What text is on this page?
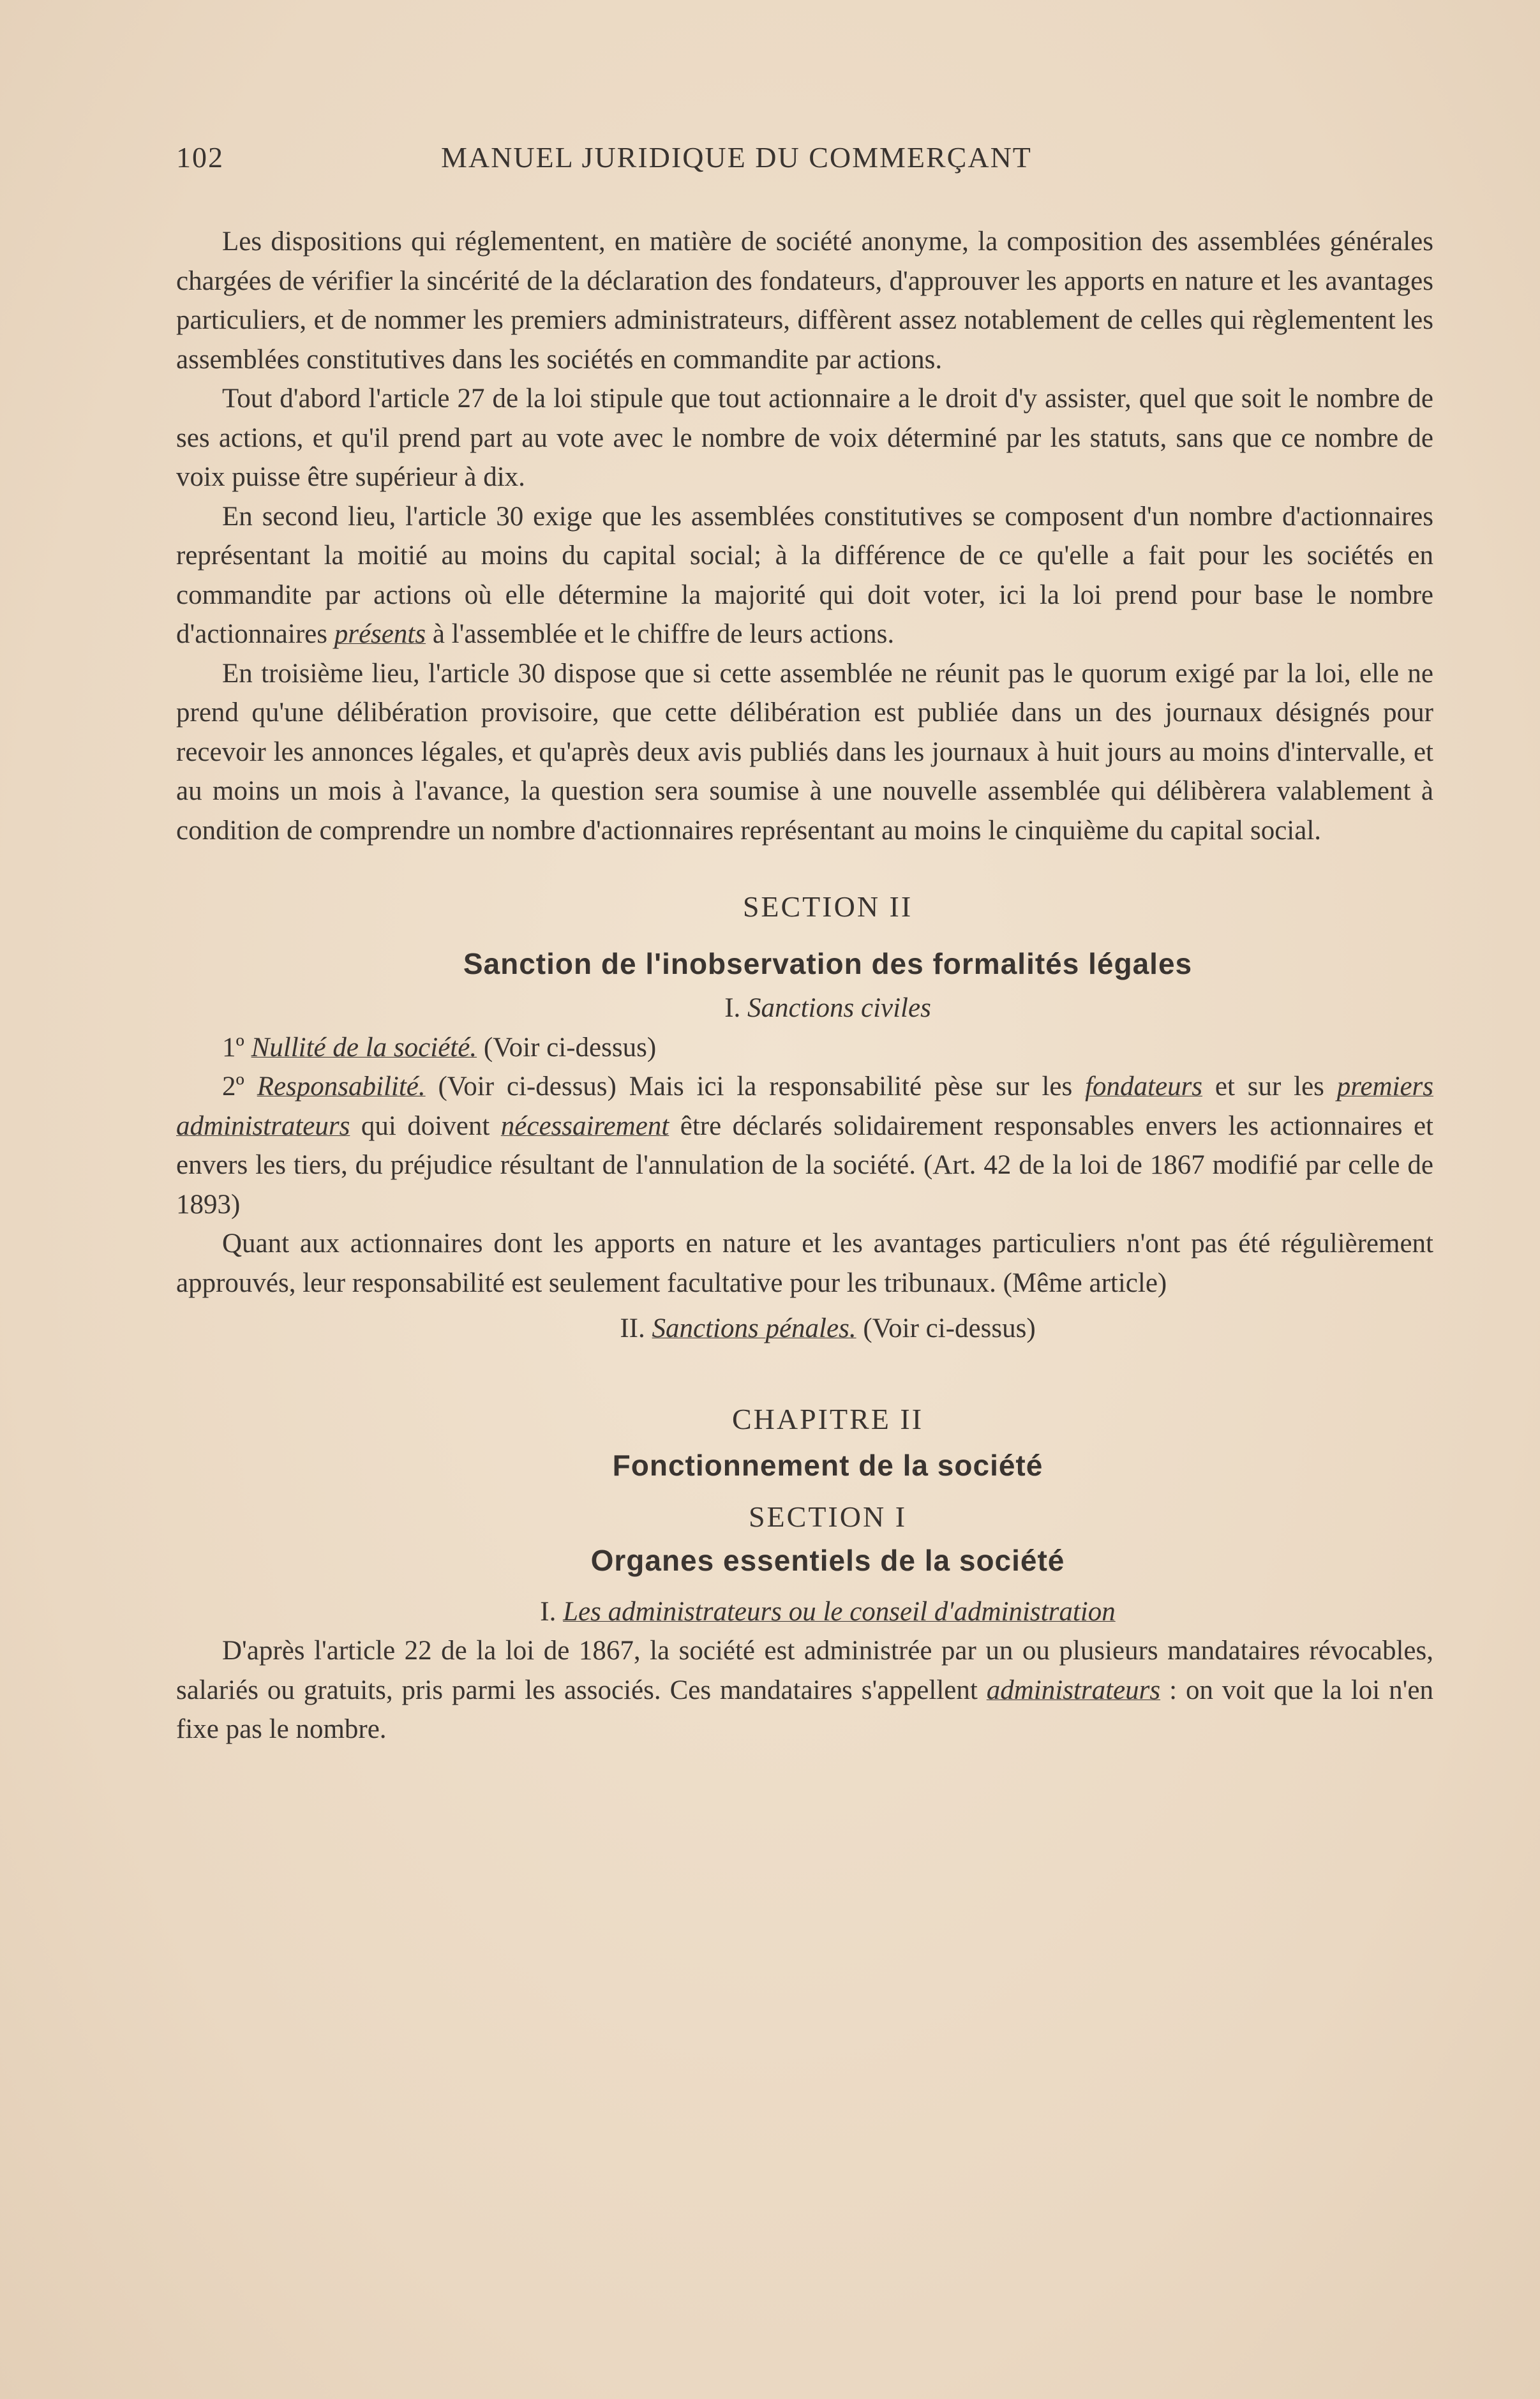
102	MANUEL JURIDIQUE DU COMMERÇANT

Les dispositions qui réglementent, en matière de société anonyme, la composition des assemblées générales chargées de vérifier la sincérité de la déclaration des fondateurs, d'approuver les apports en nature et les avantages particuliers, et de nommer les premiers administrateurs, diffèrent assez notablement de celles qui règlementent les assemblées constitutives dans les sociétés en commandite par actions.

Tout d'abord l'article 27 de la loi stipule que tout actionnaire a le droit d'y assister, quel que soit le nombre de ses actions, et qu'il prend part au vote avec le nombre de voix déterminé par les statuts, sans que ce nombre de voix puisse être supérieur à dix.

En second lieu, l'article 30 exige que les assemblées constitutives se composent d'un nombre d'actionnaires représentant la moitié au moins du capital social; à la différence de ce qu'elle a fait pour les sociétés en commandite par actions où elle détermine la majorité qui doit voter, ici la loi prend pour base le nombre d'actionnaires présents à l'assemblée et le chiffre de leurs actions.

En troisième lieu, l'article 30 dispose que si cette assemblée ne réunit pas le quorum exigé par la loi, elle ne prend qu'une délibération provisoire, que cette délibération est publiée dans un des journaux désignés pour recevoir les annonces légales, et qu'après deux avis publiés dans les journaux à huit jours au moins d'intervalle, et au moins un mois à l'avance, la question sera soumise à une nouvelle assemblée qui délibèrera valablement à condition de comprendre un nombre d'actionnaires représentant au moins le cinquième du capital social.

SECTION II

Sanction de l'inobservation des formalités légales

I. Sanctions civiles

1º Nullité de la société. (Voir ci-dessus)

2º Responsabilité. (Voir ci-dessus) Mais ici la responsabilité pèse sur les fondateurs et sur les premiers administrateurs qui doivent nécessairement être déclarés solidairement responsables envers les actionnaires et envers les tiers, du préjudice résultant de l'annulation de la société. (Art. 42 de la loi de 1867 modifié par celle de 1893)

Quant aux actionnaires dont les apports en nature et les avantages particuliers n'ont pas été régulièrement approuvés, leur responsabilité est seulement facultative pour les tribunaux. (Même article)

II. Sanctions pénales. (Voir ci-dessus)

CHAPITRE II

Fonctionnement de la société

SECTION I

Organes essentiels de la société

I. Les administrateurs ou le conseil d'administration

D'après l'article 22 de la loi de 1867, la société est administrée par un ou plusieurs mandataires révocables, salariés ou gratuits, pris parmi les associés. Ces mandataires s'appellent administrateurs : on voit que la loi n'en fixe pas le nombre.
